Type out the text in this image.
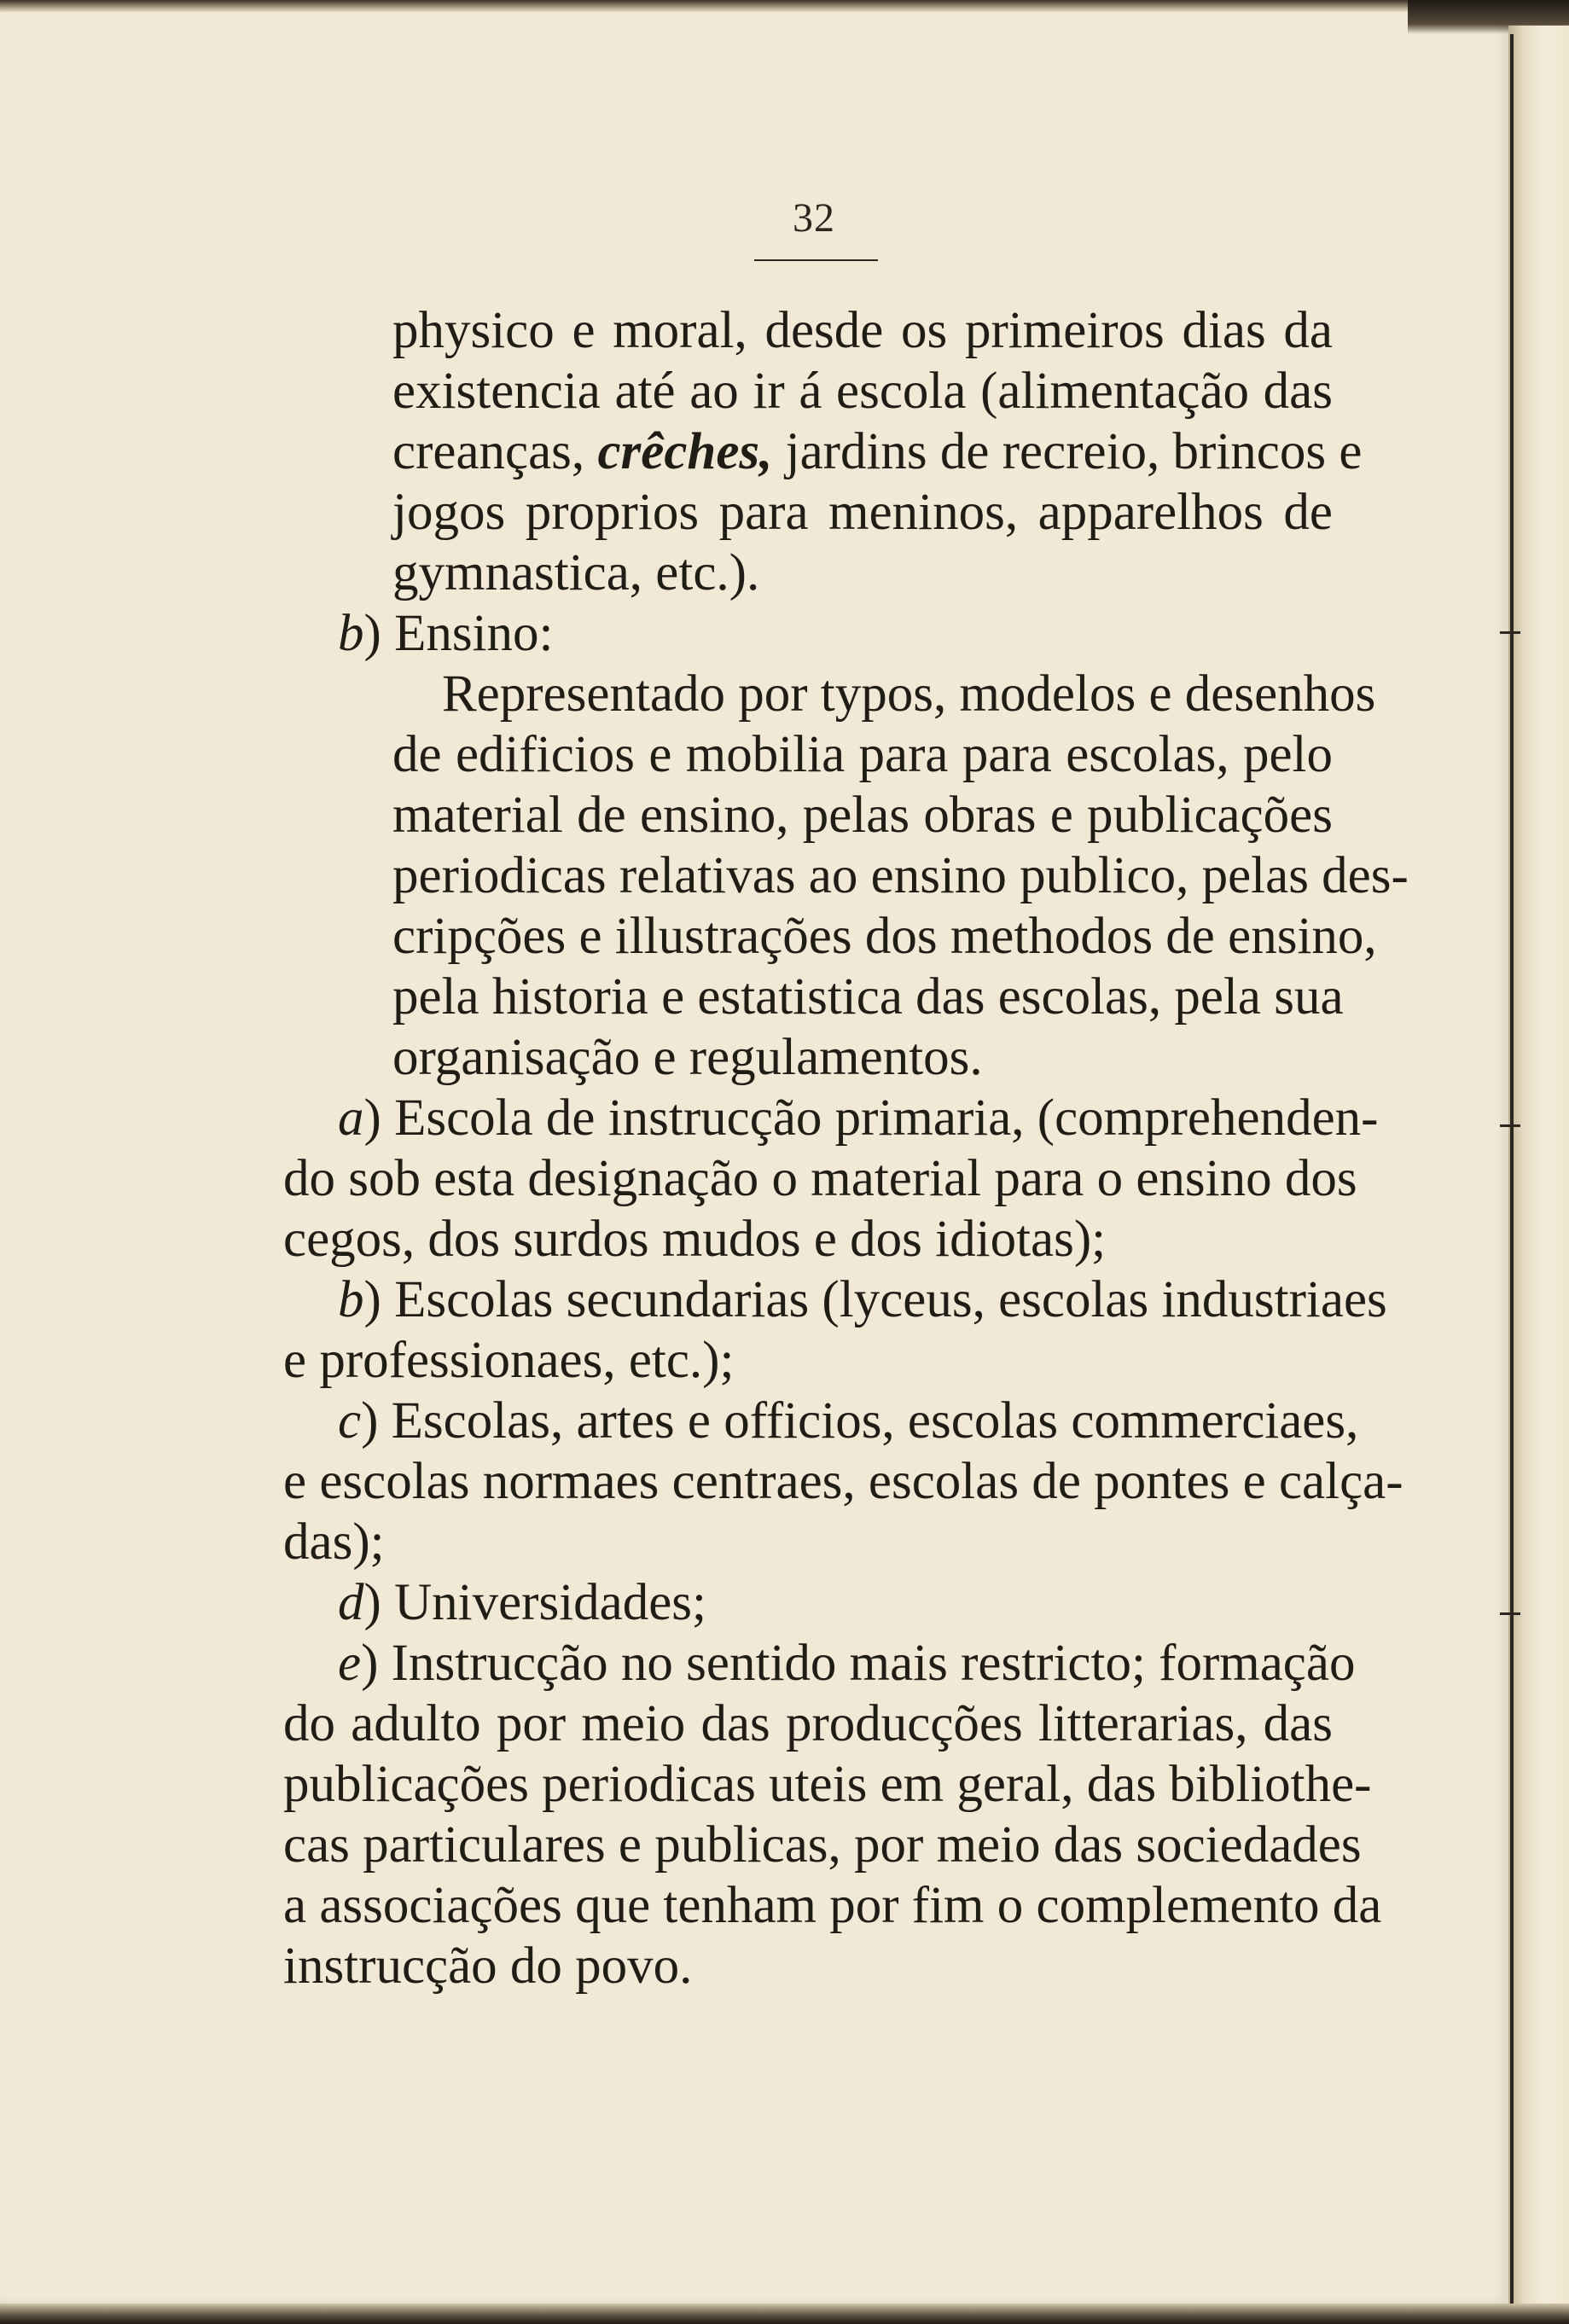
32
physico e moral, desde os primeiros dias da
existencia até ao ir á escola (alimentação das
creanças, crêches, jardins de recreio, brincos e
jogos proprios para meninos, apparelhos de
gymnastica, etc.).
b) Ensino:
Representado por typos, modelos e desenhos
de edificios e mobilia para para escolas, pelo
material de ensino, pelas obras e publicações
periodicas relativas ao ensino publico, pelas des-
cripções e illustrações dos methodos de ensino,
pela historia e estatistica das escolas, pela sua
organisação e regulamentos.
a) Escola de instrucção primaria, (comprehenden-
do sob esta designação o material para o ensino dos
cegos, dos surdos mudos e dos idiotas);
b) Escolas secundarias (lyceus, escolas industriaes
e professionaes, etc.);
c) Escolas, artes e officios, escolas commerciaes,
e escolas normaes centraes, escolas de pontes e calça-
das);
d) Universidades;
e) Instrucção no sentido mais restricto; formação
do adulto por meio das producções litterarias, das
publicações periodicas uteis em geral, das bibliothe-
cas particulares e publicas, por meio das sociedades
a associações que tenham por fim o complemento da
instrucção do povo.
